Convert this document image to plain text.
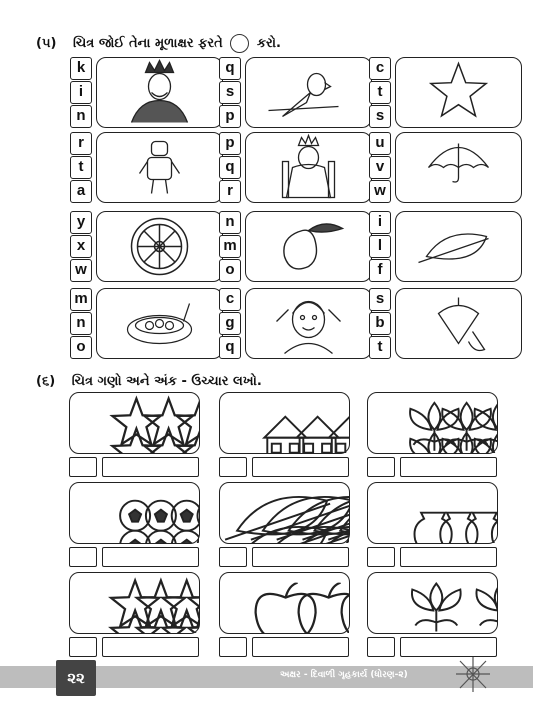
(૫) ચિત્ર જોઈ તેના મૂળાક્ષર ફરતે	કરો.
k
i
n
q
s
p
c
t
s
r
t
a
p
q
r
u
v
w
y
x
w
n
m
o
i
l
f
m
n
o
c
g
q
s
b
t
(૬) ચિત્ર ગણો અને અંક - ઉચ્ચાર લખો.
૨૨	અક્ષર - દિવાળી ગૃહકાર્ય (ધોરણ-૨)
